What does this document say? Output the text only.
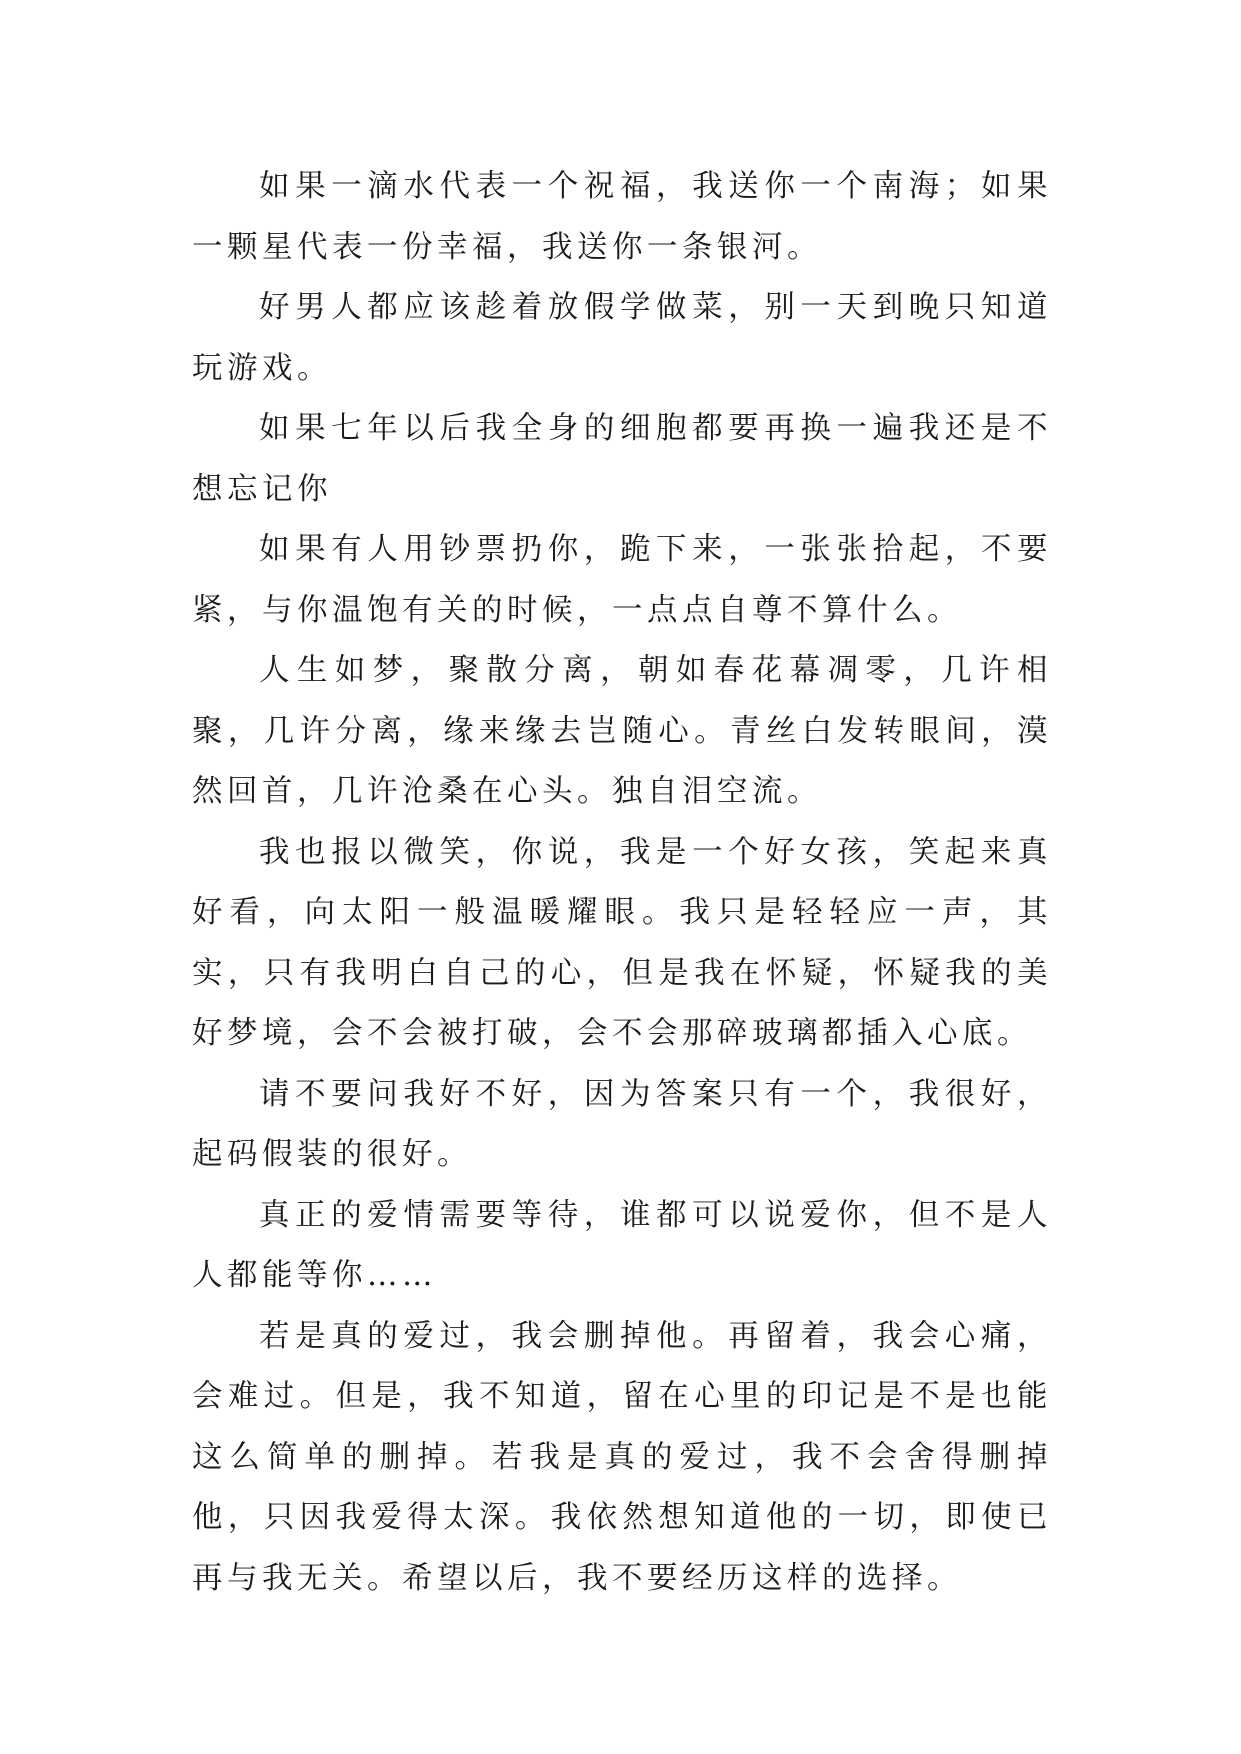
如果一滴水代表一个祝福，我送你一个南海；如果一颗星代表一份幸福，我送你一条银河。

好男人都应该趁着放假学做菜，别一天到晚只知道玩游戏。

如果七年以后我全身的细胞都要再换一遍我还是不想忘记你

如果有人用钞票扔你，跪下来，一张张拾起，不要紧，与你温饱有关的时候，一点点自尊不算什么。

人生如梦，聚散分离，朝如春花幕凋零，几许相聚，几许分离，缘来缘去岂随心。青丝白发转眼间，漠然回首，几许沧桑在心头。独自泪空流。

我也报以微笑，你说，我是一个好女孩，笑起来真好看，向太阳一般温暖耀眼。我只是轻轻应一声，其实，只有我明白自己的心，但是我在怀疑，怀疑我的美好梦境，会不会被打破，会不会那碎玻璃都插入心底。

请不要问我好不好，因为答案只有一个，我很好，起码假装的很好。

真正的爱情需要等待，谁都可以说爱你，但不是人人都能等你……

若是真的爱过，我会删掉他。再留着，我会心痛，会难过。但是，我不知道，留在心里的印记是不是也能这么简单的删掉。若我是真的爱过，我不会舍得删掉他，只因我爱得太深。我依然想知道他的一切，即使已再与我无关。希望以后，我不要经历这样的选择。
